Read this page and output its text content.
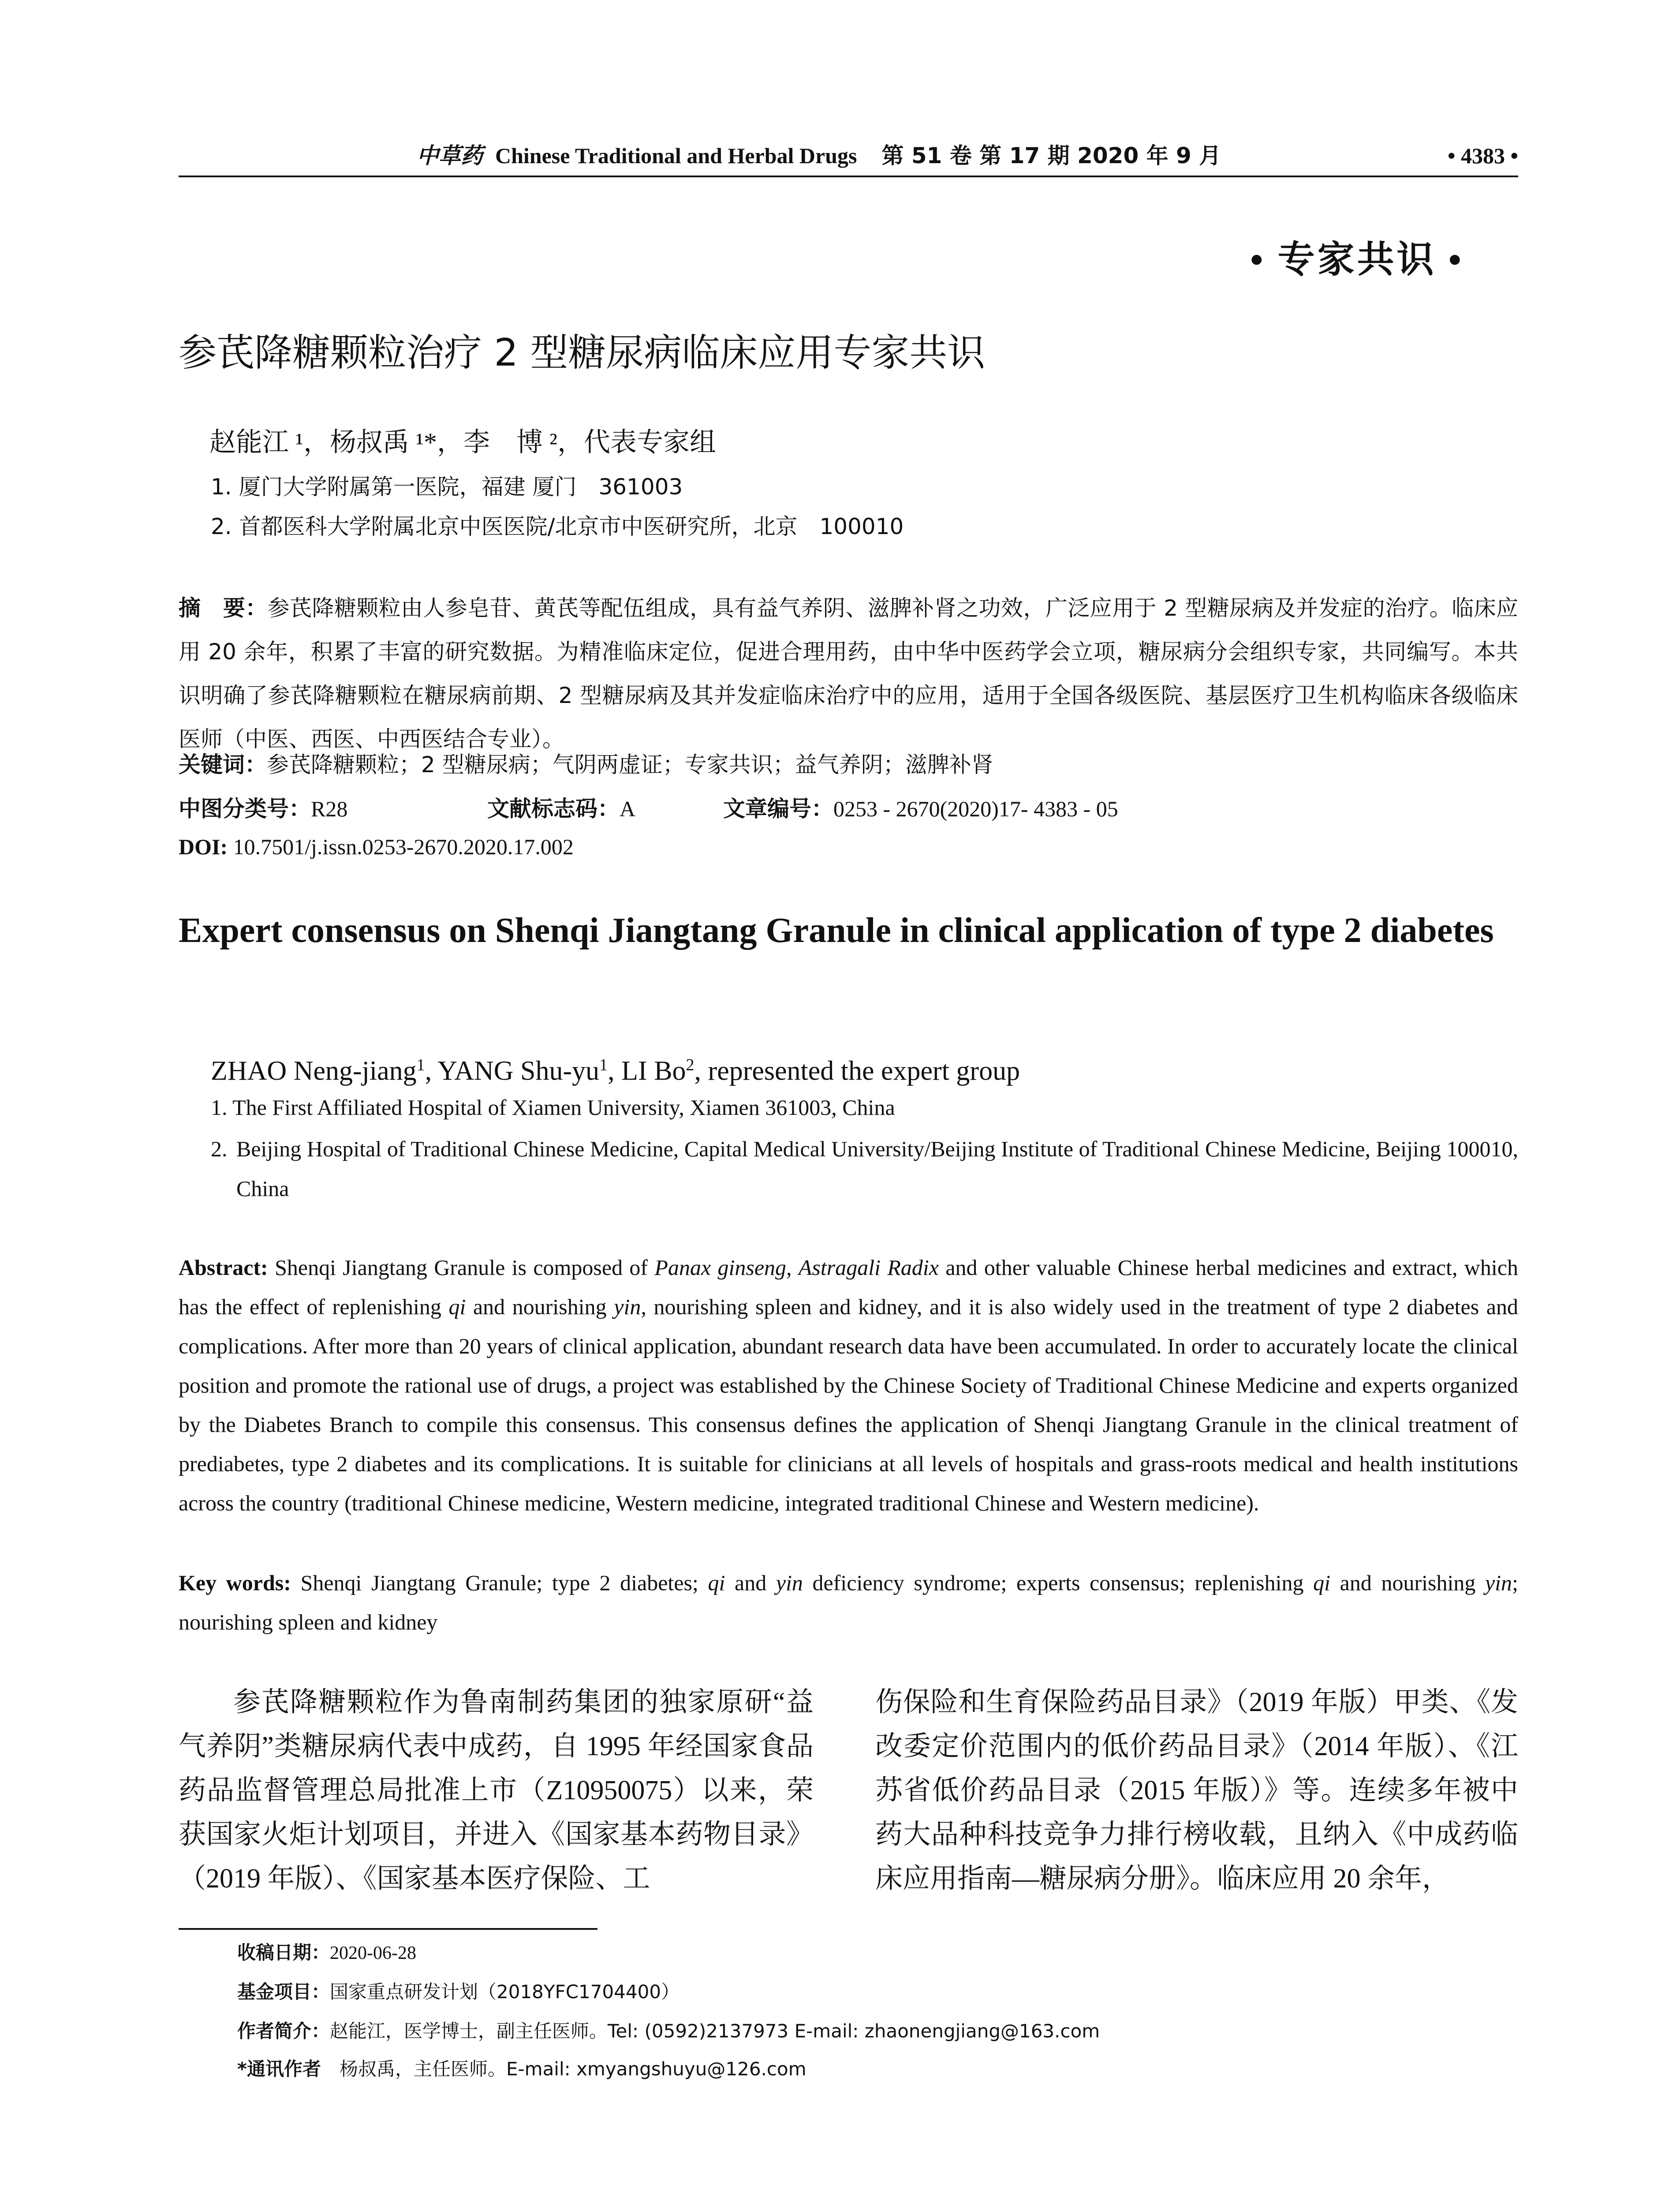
中草药 Chinese Traditional and Herbal Drugs 第 51 卷 第 17 期 2020 年 9 月	• 4383 •
• 专家共识 •
参芪降糖颗粒治疗 2 型糖尿病临床应用专家共识
赵能江 ¹，杨叔禹 ¹*，李　博 ²，代表专家组
1. 厦门大学附属第一医院，福建 厦门　361003
2. 首都医科大学附属北京中医医院/北京市中医研究所，北京　100010

摘　要：参芪降糖颗粒由人参皂苷、黄芪等配伍组成，具有益气养阴、滋脾补肾之功效，广泛应用于 2 型糖尿病及并发症的治疗。临床应用 20 余年，积累了丰富的研究数据。为精准临床定位，促进合理用药，由中华中医药学会立项，糖尿病分会组织专家，共同编写。本共识明确了参芪降糖颗粒在糖尿病前期、2 型糖尿病及其并发症临床治疗中的应用，适用于全国各级医院、基层医疗卫生机构临床各级临床医师（中医、西医、中西医结合专业）。

关键词：参芪降糖颗粒；2 型糖尿病；气阴两虚证；专家共识；益气养阴；滋脾补肾
中图分类号：R28	文献标志码：A	文章编号：0253 - 2670(2020)17- 4383 - 05
DOI: 10.7501/j.issn.0253-2670.2020.17.002
Expert consensus on Shenqi Jiangtang Granule in clinical application of type 2 diabetes
ZHAO Neng-jiang$^1$, YANG Shu-$yu^1$, LI Bo$^2$, represented the expert group
1. The First Affiliated Hospital of Xiamen University, Xiamen 361003, China
2. Beijing Hospital of Traditional Chinese Medicine, Capital Medical University/Beijing Institute of Traditional Chinese Medicine, Beijing 100010, China

Abstract: Shenqi Jiangtang Granule is composed of Panax ginseng, Astragali Radix and other valuable Chinese herbal medicines and extract, which has the effect of replenishing qi and nourishing yin, nourishing spleen and kidney, and it is also widely used in the treatment of type 2 diabetes and complications. After more than 20 years of clinical application, abundant research data have been accumulated. In order to accurately locate the clinical position and promote the rational use of drugs, a project was established by the Chinese Society of Traditional Chinese Medicine and experts organized by the Diabetes Branch to compile this consensus. This consensus defines the application of Shenqi Jiangtang Granule in the clinical treatment of prediabetes, type 2 diabetes and its complications. It is suitable for clinicians at all levels of hospitals and grass-roots medical and health institutions across the country (traditional Chinese medicine, Western medicine, integrated traditional Chinese and Western medicine).

Key words: Shenqi Jiangtang Granule; type 2 diabetes; qi and yin deficiency syndrome; experts consensus; replenishing qi and nourishing yin; nourishing spleen and kidney

参芪降糖颗粒作为鲁南制药集团的独家原研“益气养阴”类糖尿病代表中成药，自 1995 年经国家食品药品监督管理总局批准上市（Z10950075）以来，荣获国家火炬计划项目，并进入《国家基本药物目录》（2019 年版）、《国家基本医疗保险、工

伤保险和生育保险药品目录》（2019 年版）甲类、《发改委定价范围内的低价药品目录》（2014 年版）、《江苏省低价药品目录（2015 年版）》等。连续多年被中药大品种科技竞争力排行榜收载，且纳入《中成药临床应用指南—糖尿病分册》。临床应用 20 余年，

收稿日期：2020-06-28
基金项目：国家重点研发计划（2018YFC1704400）
作者简介：赵能江，医学博士，副主任医师。Tel: (0592)2137973 E-mail: zhaonengjiang@163.com
*通讯作者　杨叔禹，主任医师。E-mail: xmyangshuyu@126.com
